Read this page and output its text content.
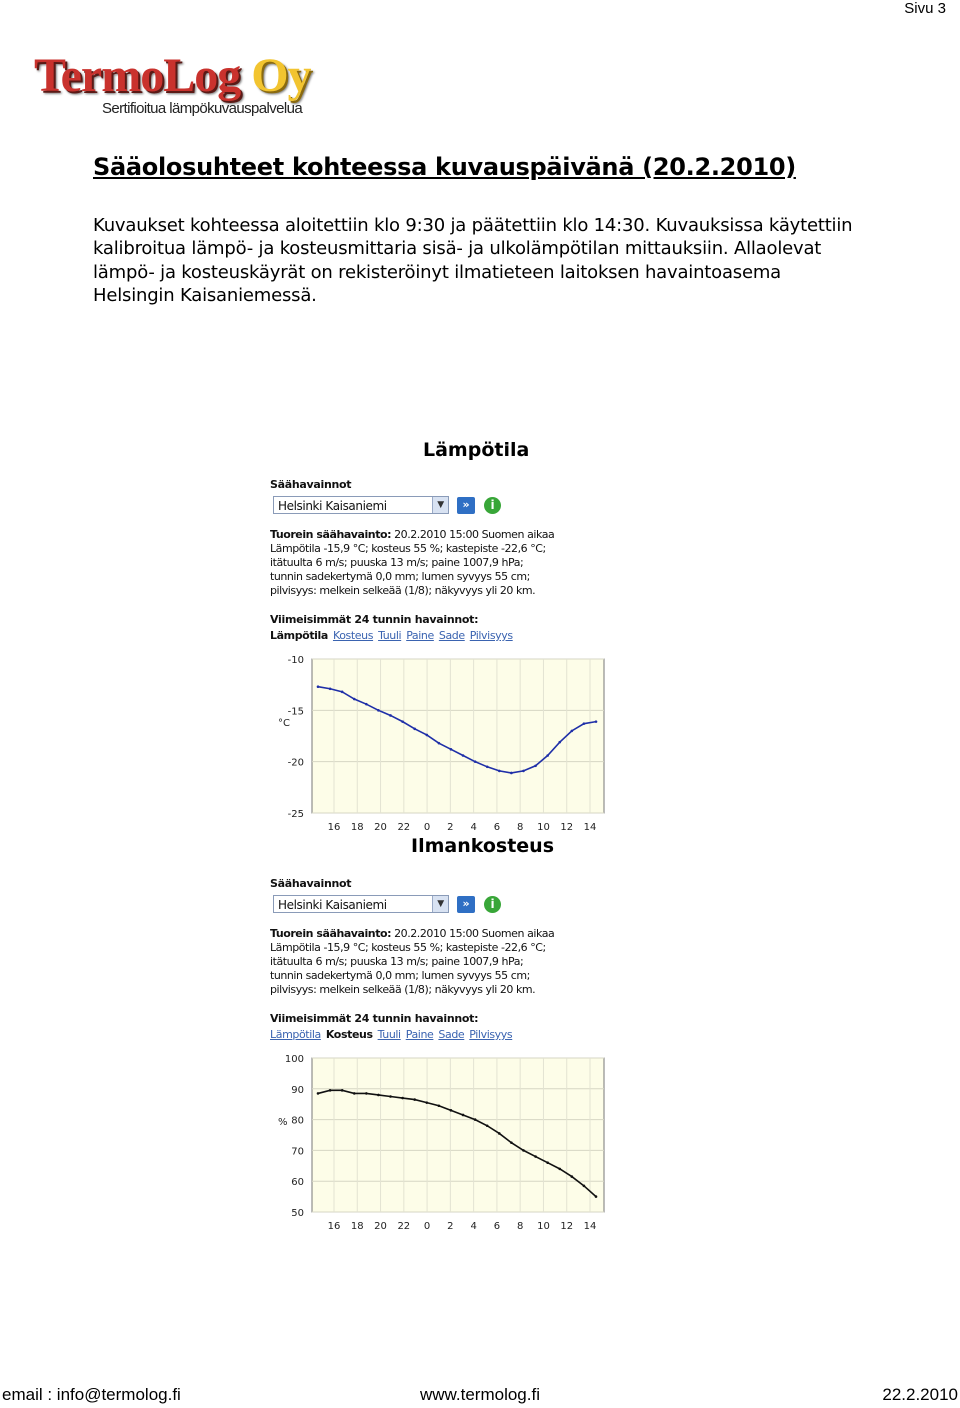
Sivu 3
TermoLog Oy
Sertifioitua lämpökuvauspalvelua
Sääolosuhteet kohteessa kuvauspäivänä (20.2.2010)
Kuvaukset kohteessa aloitettiin klo 9:30 ja päätettiin klo 14:30. Kuvauksissa käytettiin
kalibroitua lämpö- ja kosteusmittaria sisä- ja ulkolämpötilan mittauksiin. Allaolevat
lämpö- ja kosteuskäyrät on rekisteröinyt ilmatieteen laitoksen havaintoasema
Helsingin Kaisaniemessä.
Lämpötila
Säähavainnot
Helsinki Kaisaniemi	▼	»	i
Tuorein säähavainto: 20.2.2010 15:00 Suomen aikaa
Lämpötila -15,9 °C; kosteus 55 %; kastepiste -22,6 °C;
itätuulta 6 m/s; puuska 13 m/s; paine 1007,9 hPa;
tunnin sadekertymä 0,0 mm; lumen syvyys 55 cm;
pilvisyys: melkein selkeää (1/8); näkyvyys yli 20 km.
Viimeisimmät 24 tunnin havainnot:
Lämpötila Kosteus Tuuli Paine Sade Pilvisyys
-10
-15
-20
-25
°C
16 18 20 22 0 2 4 6 8 10 12 14
Ilmankosteus
Säähavainnot
Helsinki Kaisaniemi	▼	»	i
Tuorein säähavainto: 20.2.2010 15:00 Suomen aikaa
Lämpötila -15,9 °C; kosteus 55 %; kastepiste -22,6 °C;
itätuulta 6 m/s; puuska 13 m/s; paine 1007,9 hPa;
tunnin sadekertymä 0,0 mm; lumen syvyys 55 cm;
pilvisyys: melkein selkeää (1/8); näkyvyys yli 20 km.
Viimeisimmät 24 tunnin havainnot:
Lämpötila Kosteus Tuuli Paine Sade Pilvisyys
100
90
80
70
60
50
%
16 18 20 22 0 2 4 6 8 10 12 14
email : info@termolog.fi	www.termolog.fi	22.2.2010
